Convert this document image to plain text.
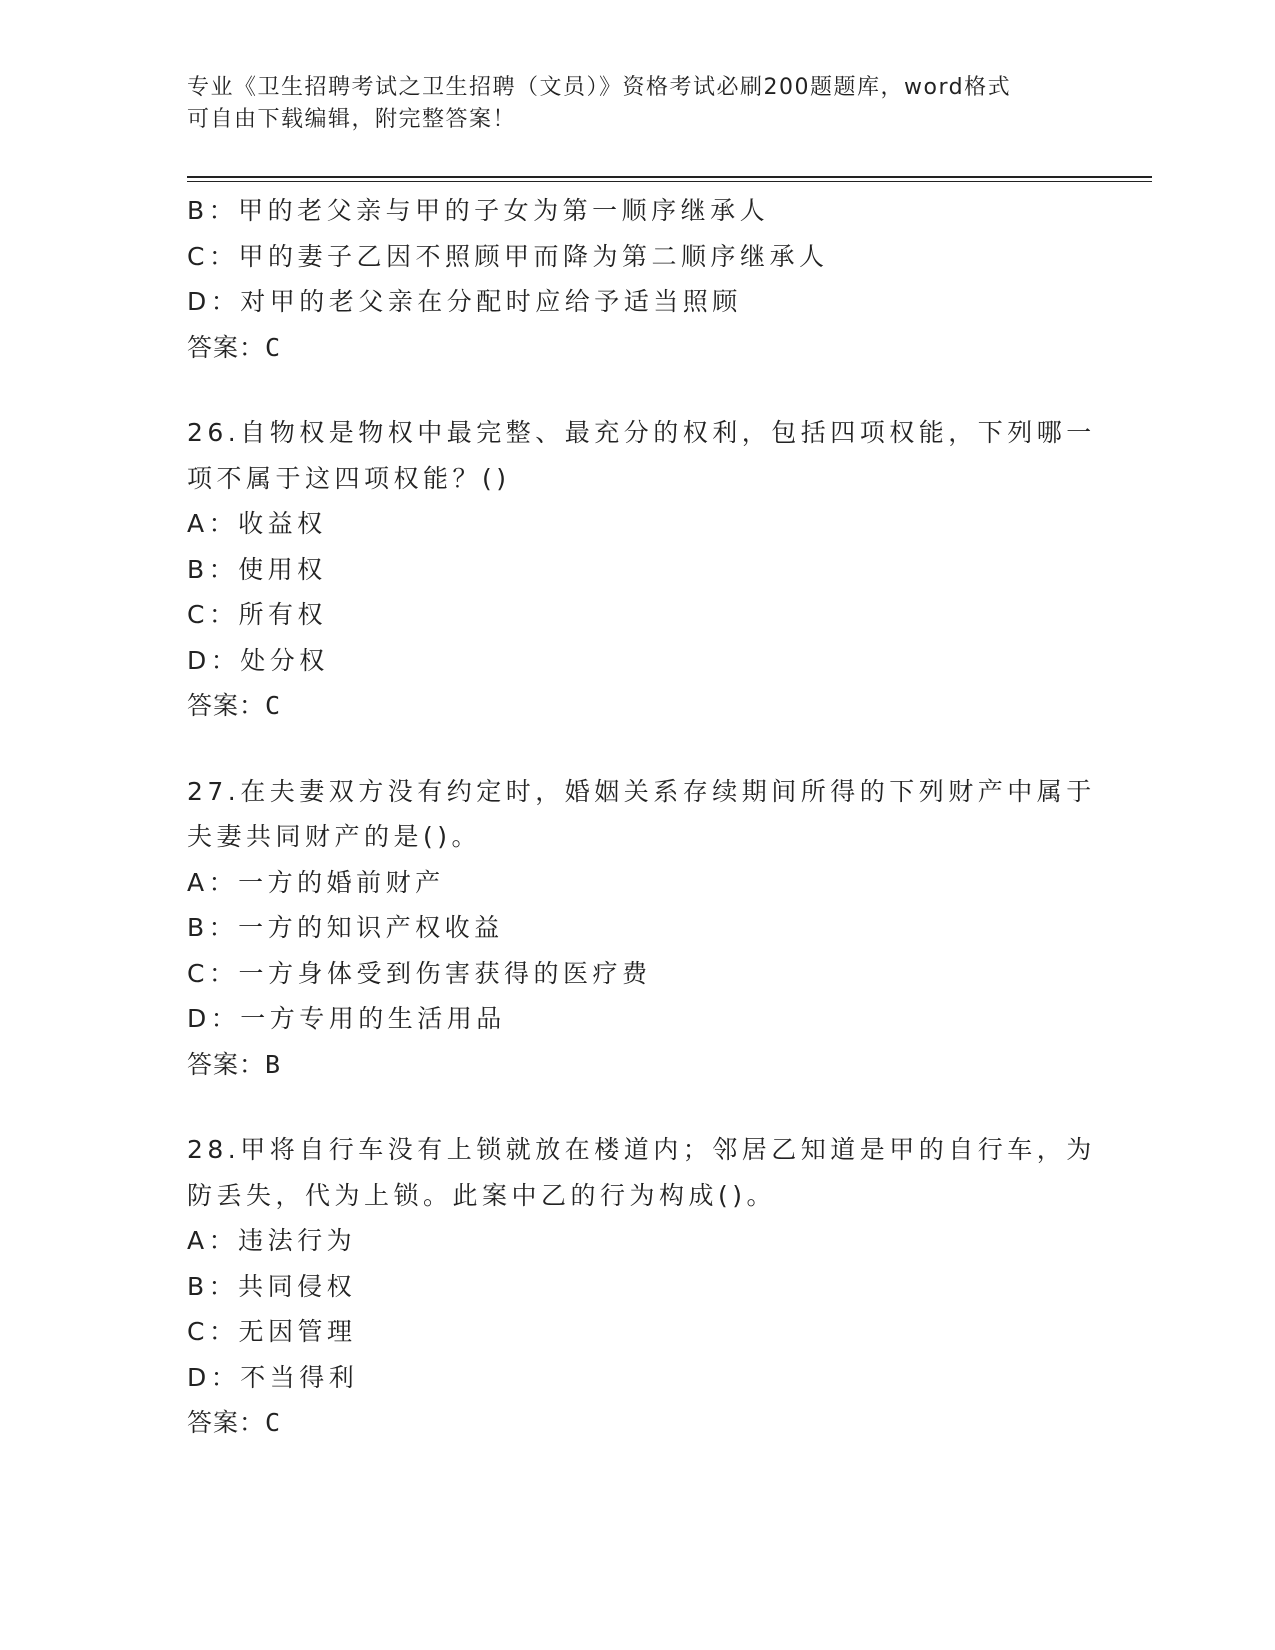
专业《卫生招聘考试之卫生招聘（文员）》资格考试必刷200题题库，word格式

可自由下载编辑，附完整答案！

B：甲的老父亲与甲的子女为第一顺序继承人

C：甲的妻子乙因不照顾甲而降为第二顺序继承人

D：对甲的老父亲在分配时应给予适当照顾

答案：C

26.自物权是物权中最完整、最充分的权利，包括四项权能，下列哪一

项不属于这四项权能？()

A：收益权

B：使用权

C：所有权

D：处分权

答案：C

27.在夫妻双方没有约定时，婚姻关系存续期间所得的下列财产中属于

夫妻共同财产的是()。

A：一方的婚前财产

B：一方的知识产权收益

C：一方身体受到伤害获得的医疗费

D：一方专用的生活用品

答案：B

28.甲将自行车没有上锁就放在楼道内；邻居乙知道是甲的自行车，为

防丢失，代为上锁。此案中乙的行为构成()。

A：违法行为

B：共同侵权

C：无因管理

D：不当得利

答案：C
